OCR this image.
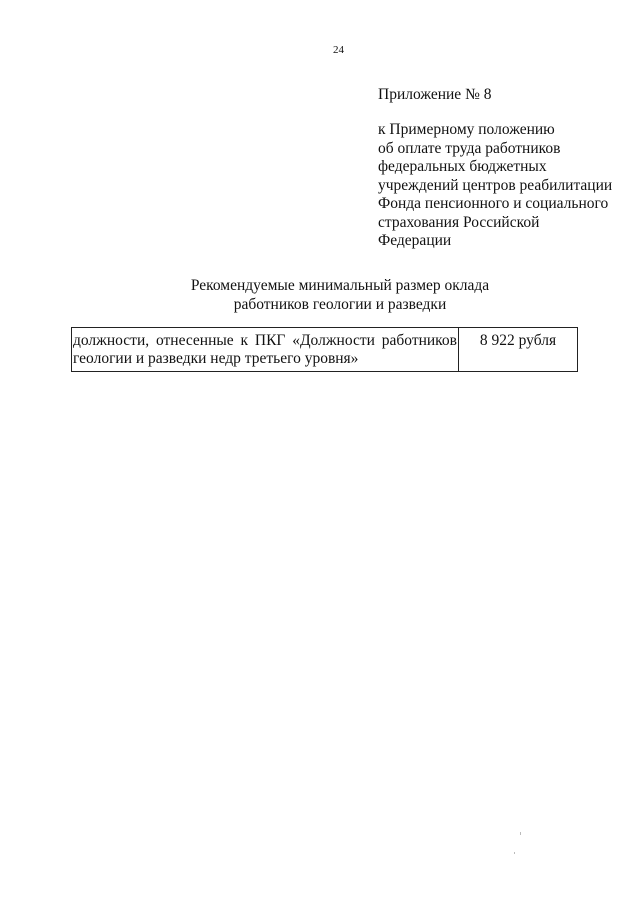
24
Приложение № 8
к Примерному положению
об оплате труда работников
федеральных бюджетных
учреждений центров реабилитации
Фонда пенсионного и социального
страхования Российской
Федерации
Рекомендуемые минимальный размер оклада
работников геологии и разведки
должности, отнесенные к ПКГ «Должности работников
геологии и разведки недр третьего уровня»
	8 922 рубля
